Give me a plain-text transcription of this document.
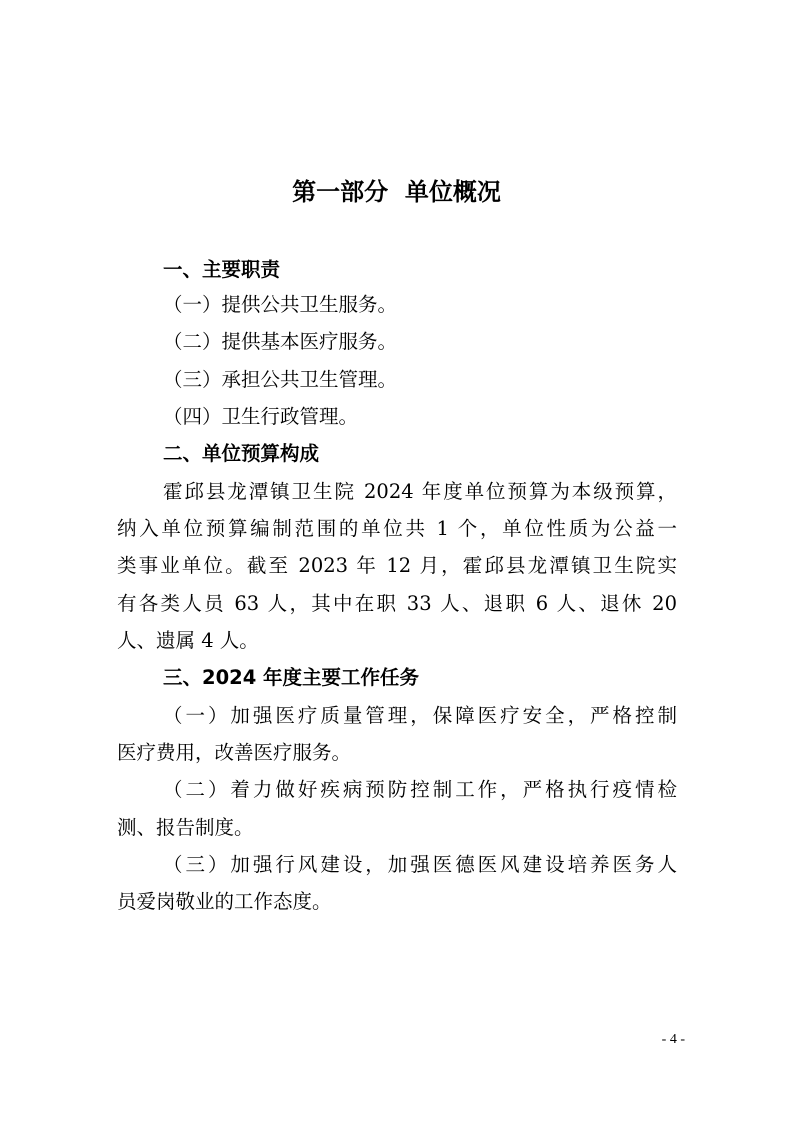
第一部分  单位概况
一、主要职责

（一）提供公共卫生服务。

（二）提供基本医疗服务。

（三）承担公共卫生管理。

（四）卫生行政管理。

二、单位预算构成

霍邱县龙潭镇卫生院 2024 年度单位预算为本级预算，

纳入单位预算编制范围的单位共 1 个，单位性质为公益一

类事业单位。截至 2023 年 12 月，霍邱县龙潭镇卫生院实

有各类人员 63 人，其中在职 33 人、退职 6 人、退休 20

人、遗属 4 人。

三、2024 年度主要工作任务

（一）加强医疗质量管理，保障医疗安全，严格控制

医疗费用，改善医疗服务。

（二）着力做好疾病预防控制工作，严格执行疫情检

测、报告制度。

（三）加强行风建设，加强医德医风建设培养医务人

员爱岗敬业的工作态度。

- 4 -
